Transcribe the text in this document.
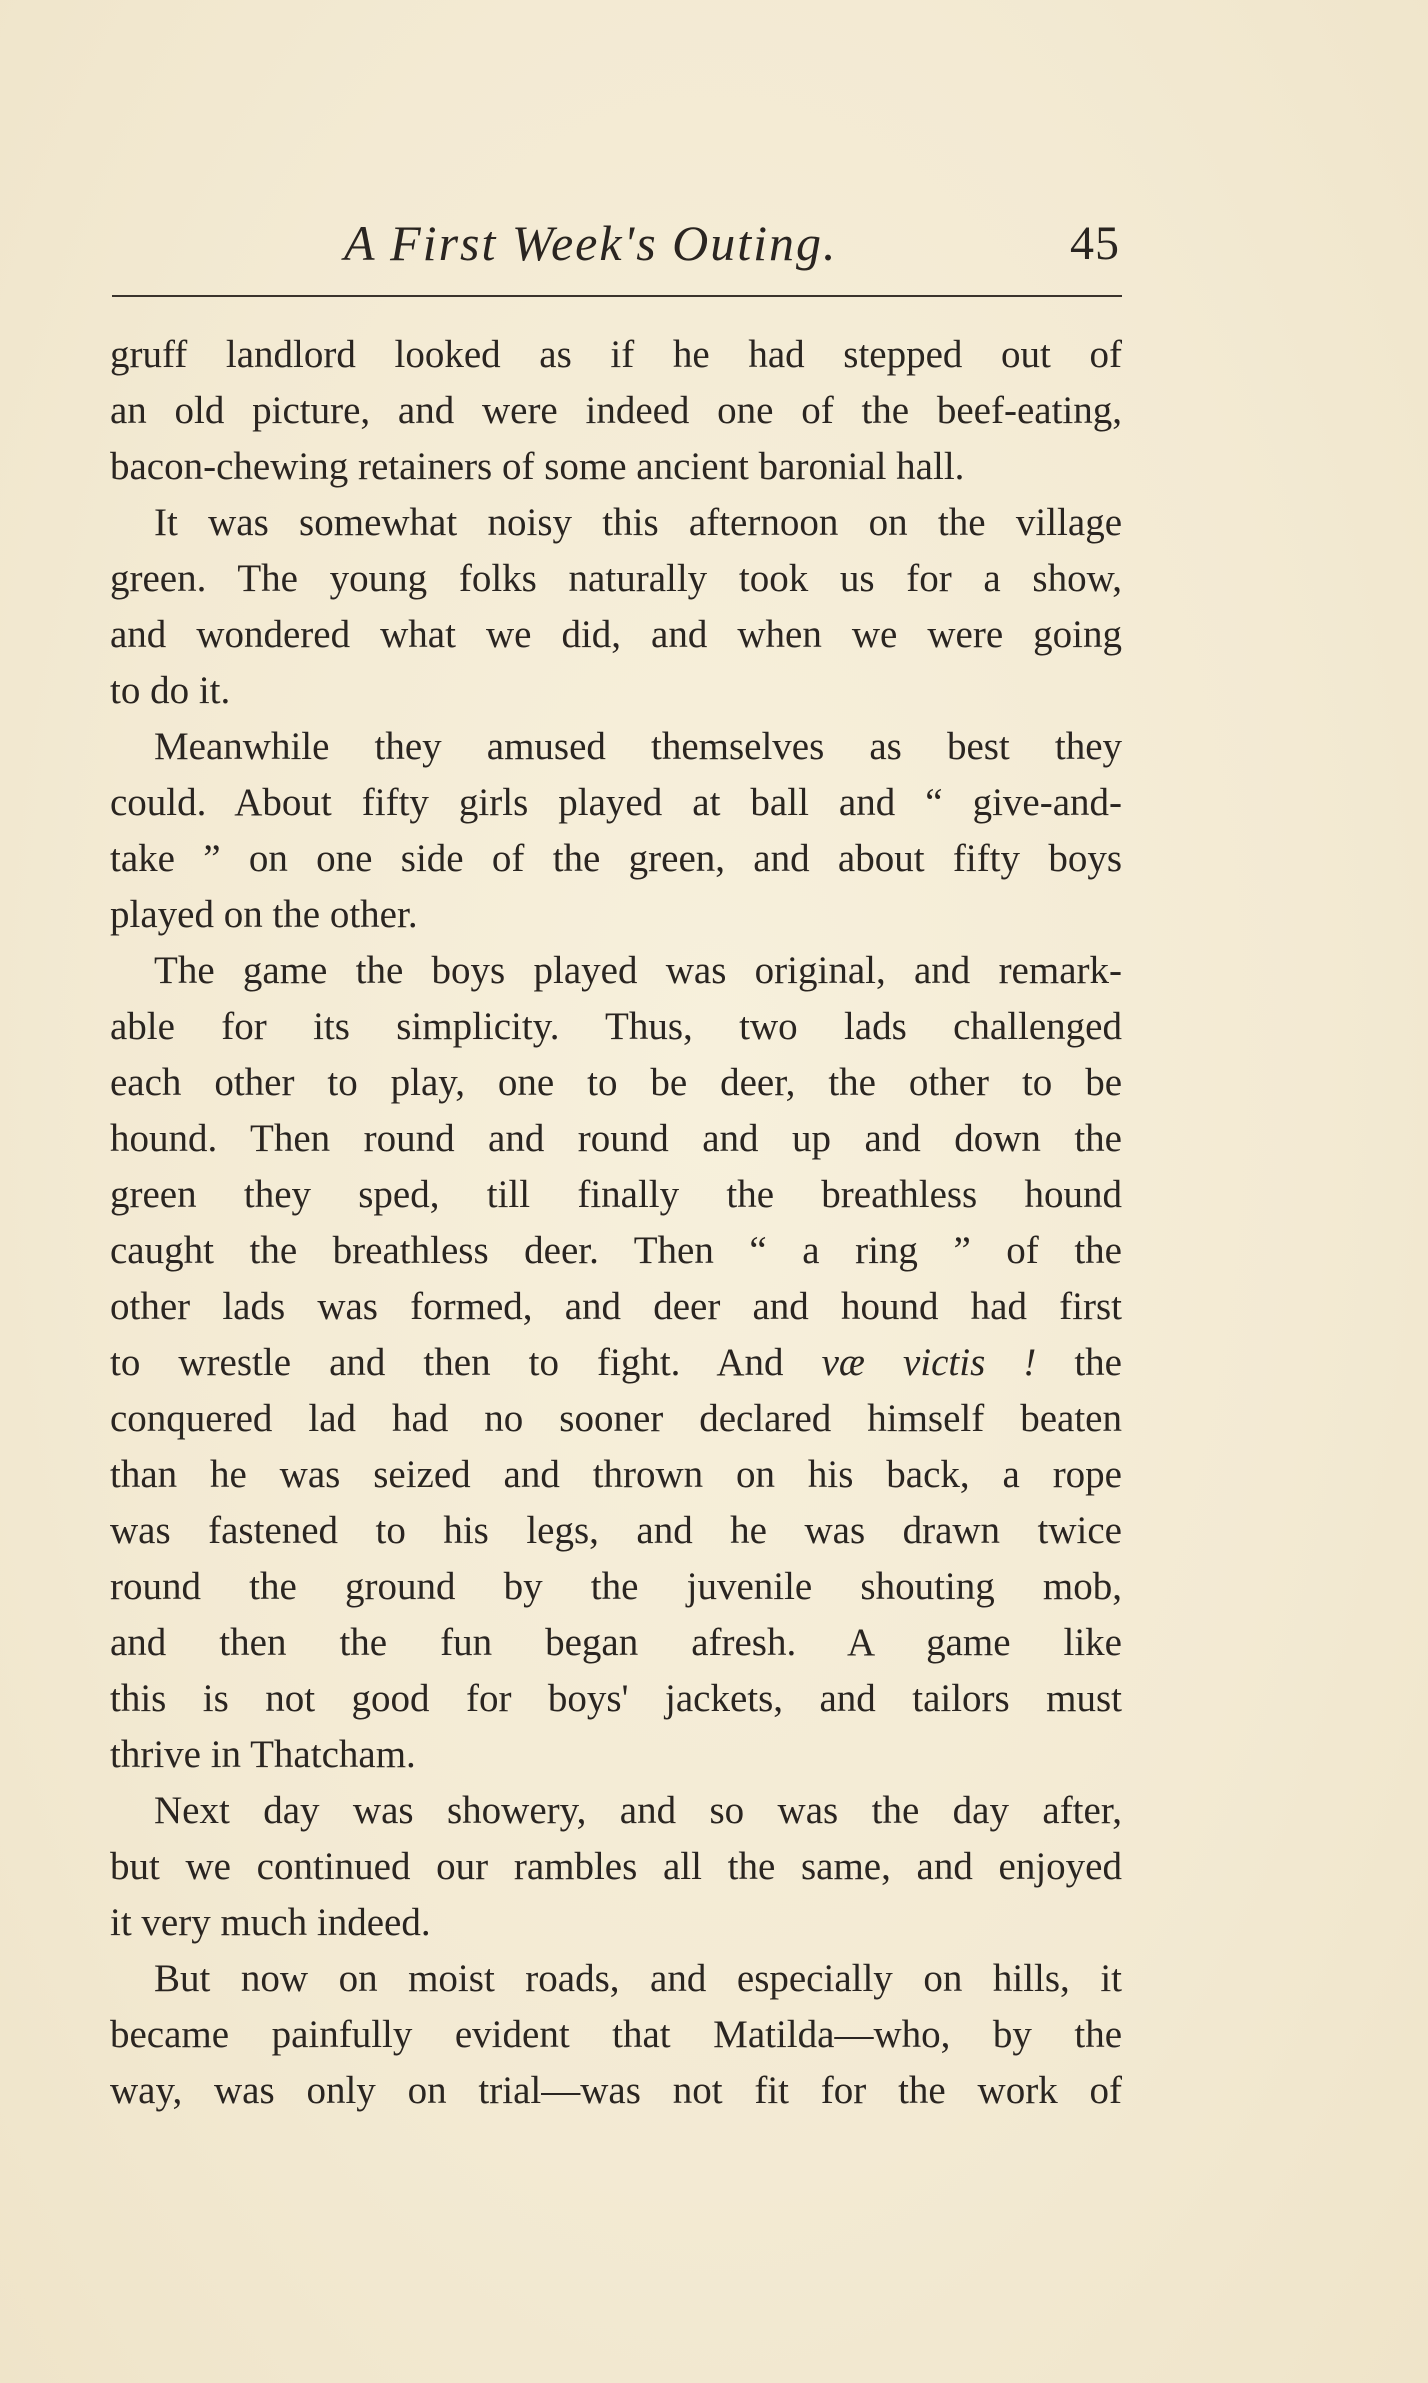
A First Week's Outing.	45
gruff landlord looked as if he had stepped out of
an old picture, and were indeed one of the beef-eating,
bacon-chewing retainers of some ancient baronial hall.
It was somewhat noisy this afternoon on the village
green. The young folks naturally took us for a show,
and wondered what we did, and when we were going
to do it.
Meanwhile they amused themselves as best they
could. About fifty girls played at ball and “ give-and-
take ” on one side of the green, and about fifty boys
played on the other.
The game the boys played was original, and remark-
able for its simplicity. Thus, two lads challenged
each other to play, one to be deer, the other to be
hound. Then round and round and up and down the
green they sped, till finally the breathless hound
caught the breathless deer. Then “ a ring ” of the
other lads was formed, and deer and hound had first
to wrestle and then to fight. And væ victis ! the
conquered lad had no sooner declared himself beaten
than he was seized and thrown on his back, a rope
was fastened to his legs, and he was drawn twice
round the ground by the juvenile shouting mob,
and then the fun began afresh. A game like
this is not good for boys' jackets, and tailors must
thrive in Thatcham.
Next day was showery, and so was the day after,
but we continued our rambles all the same, and enjoyed
it very much indeed.
But now on moist roads, and especially on hills, it
became painfully evident that Matilda—who, by the
way, was only on trial—was not fit for the work of
